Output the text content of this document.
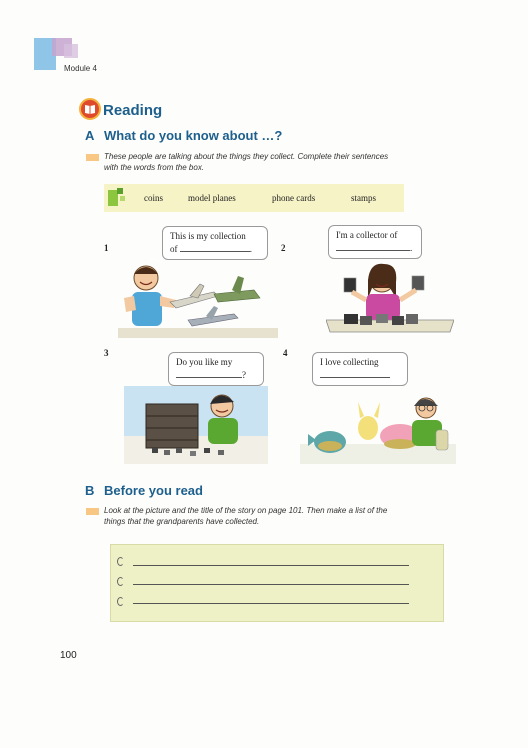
Module 4
Reading
A What do you know about …?
These people are talking about the things they collect. Complete their sentences
with the words from the box.
coins	model planes	phone cards	stamps
1
This is my collection
of	.	2
I'm a collector of
.
3
Do you like my
?
4
I love collecting
B Before you read
Look at the picture and the title of the story on page 101. Then make a list of the
things that the grandparents have collected.
100
